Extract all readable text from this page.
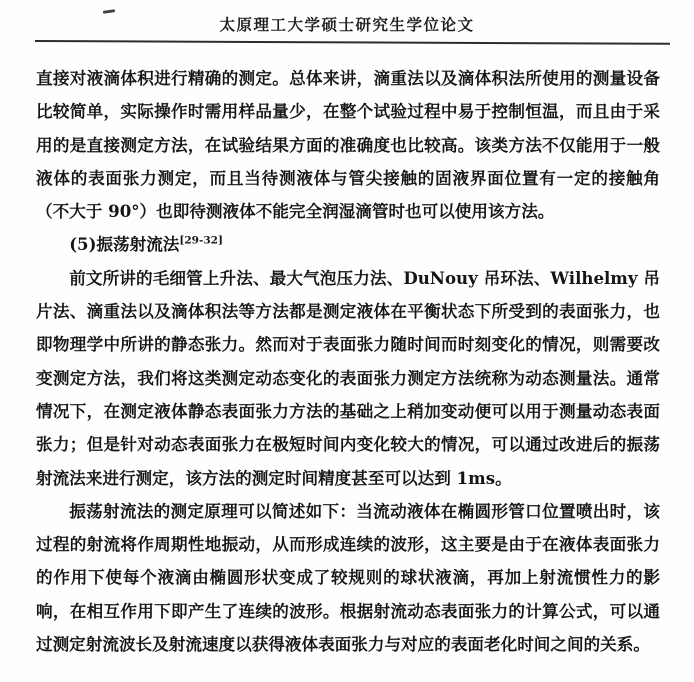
太原理工大学硕士研究生学位论文

直接对液滴体积进行精确的测定。总体来讲，滴重法以及滴体积法所使用的测量设备比较简单，实际操作时需用样品量少，在整个试验过程中易于控制恒温，而且由于采用的是直接测定方法，在试验结果方面的准确度也比较高。该类方法不仅能用于一般液体的表面张力测定，而且当待测液体与管尖接触的固液界面位置有一定的接触角（不大于 90°）也即待测液体不能完全润湿滴管时也可以使用该方法。

(5)振荡射流法[29-32]

前文所讲的毛细管上升法、最大气泡压力法、DuNouy 吊环法、Wilhelmy 吊片法、滴重法以及滴体积法等方法都是测定液体在平衡状态下所受到的表面张力，也即物理学中所讲的静态张力。然而对于表面张力随时间而时刻变化的情况，则需要改变测定方法，我们将这类测定动态变化的表面张力测定方法统称为动态测量法。通常情况下，在测定液体静态表面张力方法的基础之上稍加变动便可以用于测量动态表面张力；但是针对动态表面张力在极短时间内变化较大的情况，可以通过改进后的振荡射流法来进行测定，该方法的测定时间精度甚至可以达到 1ms。

振荡射流法的测定原理可以简述如下：当流动液体在椭圆形管口位置喷出时，该过程的射流将作周期性地振动，从而形成连续的波形，这主要是由于在液体表面张力的作用下使每个液滴由椭圆形状变成了较规则的球状液滴，再加上射流惯性力的影响，在相互作用下即产生了连续的波形。根据射流动态表面张力的计算公式，可以通过测定射流波长及射流速度以获得液体表面张力与对应的表面老化时间之间的关系。
